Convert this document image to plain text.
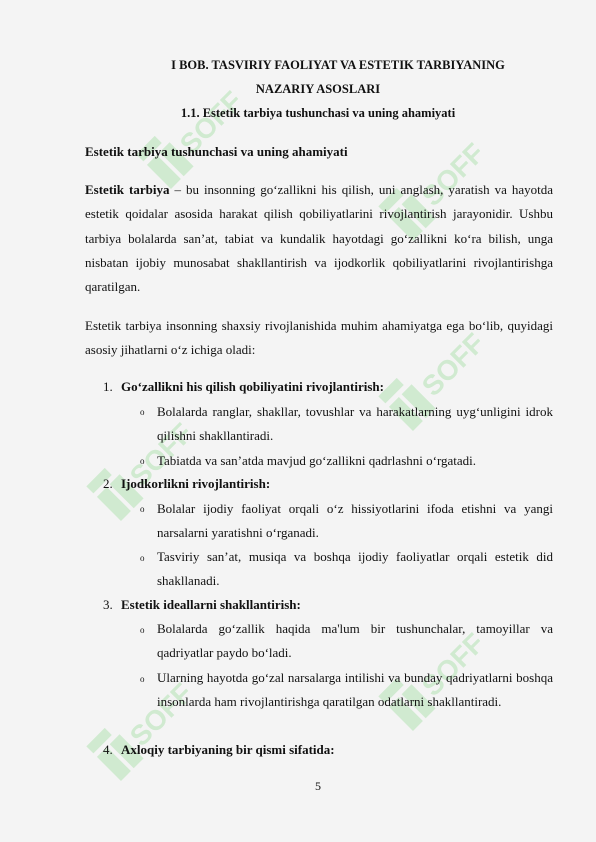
SOFF
SOFF
SOFF
SOFF
SOFF
SOFF
I BOB. TASVIRIY FAOLIYAT VA ESTETIK TARBIYANING
NAZARIY ASOSLARI
1.1. Estetik tarbiya tushunchasi va uning ahamiyati
Estetik tarbiya tushunchasi va uning ahamiyati
Estetik tarbiya – bu insonning go‘zallikni his qilish, uni anglash, yaratish va hayotda estetik qoidalar asosida harakat qilish qobiliyatlarini rivojlantirish jarayonidir. Ushbu tarbiya bolalarda san’at, tabiat va kundalik hayotdagi go‘zallikni ko‘ra bilish, unga nisbatan ijobiy munosabat shakllantirish va ijodkorlik qobiliyatlarini rivojlantirishga qaratilgan.
Estetik tarbiya insonning shaxsiy rivojlanishida muhim ahamiyatga ega bo‘lib, quyidagi asosiy jihatlarni o‘z ichiga oladi:
1. Go‘zallikni his qilish qobiliyatini rivojlantirish:
o Bolalarda ranglar, shakllar, tovushlar va harakatlarning uyg‘unligini idrok qilishni shakllantiradi.
o Tabiatda va san’atda mavjud go‘zallikni qadrlashni o‘rgatadi.
2. Ijodkorlikni rivojlantirish:
o Bolalar ijodiy faoliyat orqali o‘z hissiyotlarini ifoda etishni va yangi narsalarni yaratishni o‘rganadi.
o Tasviriy san’at, musiqa va boshqa ijodiy faoliyatlar orqali estetik did shakllanadi.
3. Estetik ideallarni shakllantirish:
o Bolalarda go‘zallik haqida ma'lum bir tushunchalar, tamoyillar va qadriyatlar paydo bo‘ladi.
o Ularning hayotda go‘zal narsalarga intilishi va bunday qadriyatlarni boshqa insonlarda ham rivojlantirishga qaratilgan odatlarni shakllantiradi.
4. Axloqiy tarbiyaning bir qismi sifatida:
5
